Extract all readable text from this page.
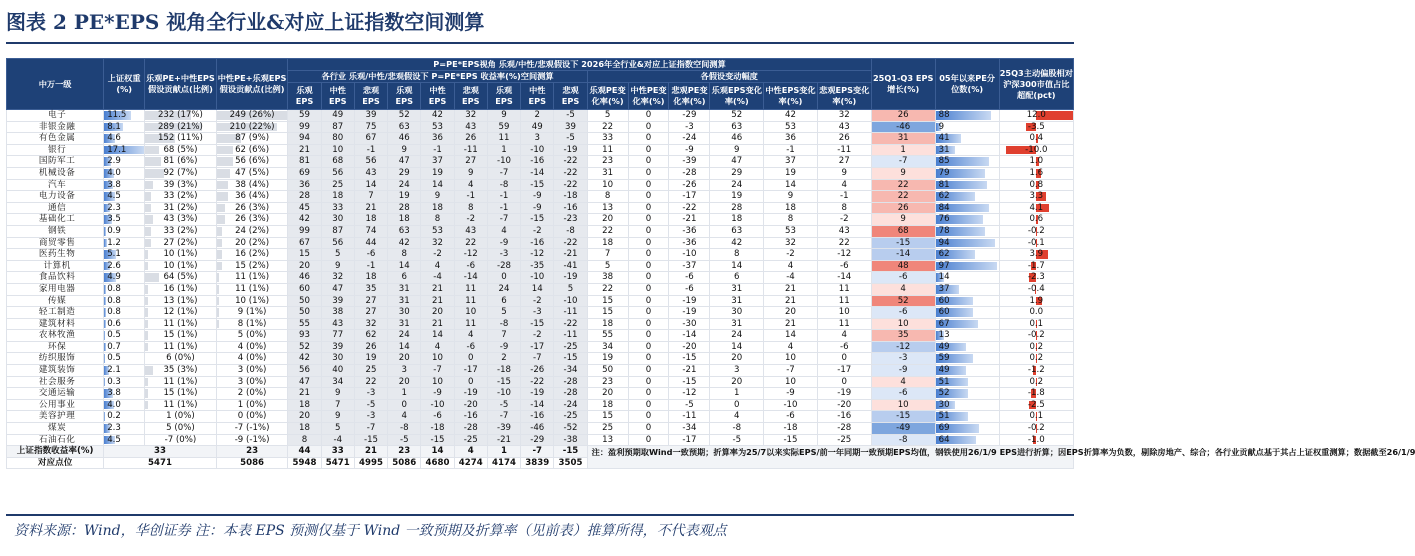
图表 2 PE*EPS 视角全行业&对应上证指数空间测算
中万一级	上证权重 (%)	乐观PE+中性EPS假设贡献点(比例)	中性PE+乐观EPS假设贡献点(比例)	P=PE*EPS视角 乐观/中性/悲观假设下 2026年全行业&对应上证指数空间测算															25Q1-Q3 EPS增长(%)	05年以来PE分位数(%)	25Q3主动偏股相对沪深300市值占比超配(pct)
				各行业 乐观/中性/悲观假设下 P=PE*EPS 收益率(%)空间测算									各假设变动幅度								
				乐观EPS	中性EPS	悲观EPS	乐观EPS	中性EPS	悲观EPS	乐观EPS	中性EPS	悲观EPS	乐观PE变化率(%)	中性PE变化率(%)	悲观PE变化率(%)	乐观EPS变化率(%)	中性EPS变化率(%)	悲观EPS变化率(%)			
电子	11.5	232 (17%)	249 (26%)	59	49	39	52	42	32	9	2	-5	5	0	-29	52	42	32	26	88	12.0
非银金融	8.1	289 (21%)	210 (22%)	99	87	75	63	53	43	59	49	39	22	0	-3	63	53	43	-46	9	-3.5
有色金属	4.6	152 (11%)	87 (9%)	94	80	67	46	36	26	11	3	-5	33	0	-24	46	36	26	31	41	0.4
银行	17.1	68 (5%)	62 (6%)	21	10	-1	9	-1	-11	1	-10	-19	11	0	-9	9	-1	-11	1	31	-10.0
国防军工	2.9	81 (6%)	56 (6%)	81	68	56	47	37	27	-10	-16	-22	23	0	-39	47	37	27	-7	85	1.0
机械设备	4.0	92 (7%)	47 (5%)	69	56	43	29	19	9	-7	-14	-22	31	0	-28	29	19	9	9	79	1.6
汽车	3.8	39 (3%)	38 (4%)	36	25	14	24	14	4	-8	-15	-22	10	0	-26	24	14	4	22	81	0.8
电力设备	4.5	33 (2%)	36 (4%)	28	18	7	19	9	-1	-1	-9	-18	8	0	-17	19	9	-1	22	62	3.3
通信	2.3	31 (2%)	26 (3%)	45	33	21	28	18	8	-1	-9	-16	13	0	-22	28	18	8	26	84	4.1
基础化工	3.5	43 (3%)	26 (3%)	42	30	18	18	8	-2	-7	-15	-23	20	0	-21	18	8	-2	9	76	0.6
钢铁	0.9	33 (2%)	24 (2%)	99	87	74	63	53	43	4	-2	-8	22	0	-36	63	53	43	68	78	-0.2
商贸零售	1.2	27 (2%)	20 (2%)	67	56	44	42	32	22	-9	-16	-22	18	0	-36	42	32	22	-15	94	-0.1
医药生物	5.1	10 (1%)	16 (2%)	15	5	-6	8	-2	-12	-3	-12	-21	7	0	-10	8	-2	-12	-14	62	3.9
计算机	2.6	10 (1%)	15 (2%)	20	9	-1	14	4	-6	-28	-35	-41	5	0	-37	14	4	-6	48	97	-1.7
食品饮料	4.9	64 (5%)	11 (1%)	46	32	18	6	-4	-14	0	-10	-19	38	0	-6	6	-4	-14	-6	14	-2.3
家用电器	0.8	16 (1%)	11 (1%)	60	47	35	31	21	11	24	14	5	22	0	-6	31	21	11	4	37	-0.4
传媒	0.8	13 (1%)	10 (1%)	50	39	27	31	21	11	6	-2	-10	15	0	-19	31	21	11	52	60	1.9
轻工制造	0.8	12 (1%)	9 (1%)	50	38	27	30	20	10	5	-3	-11	15	0	-19	30	20	10	-6	60	0.0
建筑材料	0.6	11 (1%)	8 (1%)	55	43	32	31	21	11	-8	-15	-22	18	0	-30	31	21	11	10	67	0.1
农林牧渔	0.5	15 (1%)	5 (0%)	93	77	62	24	14	4	7	-2	-11	55	0	-14	24	14	4	35	13	-0.2
环保	0.7	11 (1%)	4 (0%)	52	39	26	14	4	-6	-9	-17	-25	34	0	-20	14	4	-6	-12	49	0.2
纺织服饰	0.5	6 (0%)	4 (0%)	42	30	19	20	10	0	2	-7	-15	19	0	-15	20	10	0	-3	59	0.2
建筑装饰	2.1	35 (3%)	3 (0%)	56	40	25	3	-7	-17	-18	-26	-34	50	0	-21	3	-7	-17	-9	49	-1.2
社会服务	0.3	11 (1%)	3 (0%)	47	34	22	20	10	0	-15	-22	-28	23	0	-15	20	10	0	4	51	0.2
交通运输	3.8	15 (1%)	2 (0%)	21	9	-3	1	-9	-19	-10	-19	-28	20	0	-12	1	-9	-19	-6	52	-1.8
公用事业	4.0	11 (1%)	1 (0%)	18	7	-5	0	-10	-20	-5	-14	-24	18	0	-5	0	-10	-20	10	30	-2.5
美容护理	0.2	1 (0%)	0 (0%)	20	9	-3	4	-6	-16	-7	-16	-25	15	0	-11	4	-6	-16	-15	51	0.1
煤炭	2.3	5 (0%)	-7 (-1%)	18	5	-7	-8	-18	-28	-39	-46	-52	25	0	-34	-8	-18	-28	-49	69	-0.2
石油石化	4.5	-7 (0%)	-9 (-1%)	8	-4	-15	-5	-15	-25	-21	-29	-38	13	0	-17	-5	-15	-25	-8	64	-1.0
上证指数收益率(%)	33		23	44	33	21	23	14	4	1	-7	-15	注：盈利预期取Wind一致预期；折算率为25/7以来实际EPS/前一年同期一致预期EPS均值，钢铁使用26/1/9 EPS进行折算；因EPS折算率为负数，剔除房地产、综合；各行业贡献点基于其占上证权重测算；数据截至26/1/9								
对应点位	5471		5086	5948	5471	4995	5086	4680	4274	4174	3839	3505									
资料来源：Wind，华创证券 注：本表 EPS 预测仅基于 Wind 一致预期及折算率（见前表）推算所得，不代表观点
